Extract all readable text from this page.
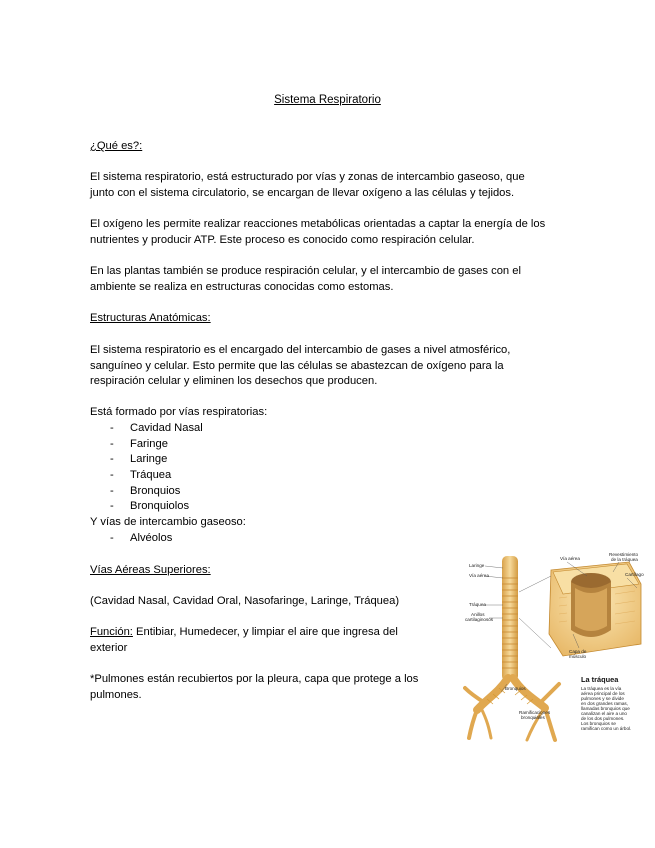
Sistema Respiratorio
¿Qué es?:
El sistema respiratorio, está estructurado por vías y zonas de intercambio gaseoso, que
junto con el sistema circulatorio, se encargan de llevar oxígeno a las células y tejidos.
El oxígeno les permite realizar reacciones metabólicas orientadas a captar la energía de los
nutrientes y producir ATP. Este proceso es conocido como respiración celular.
En las plantas también se produce respiración celular, y el intercambio de gases con el
ambiente se realiza en estructuras conocidas como estomas.
Estructuras Anatómicas:
El sistema respiratorio es el encargado del intercambio de gases a nivel atmosférico,
sanguíneo y celular. Esto permite que las células se abastezcan de oxígeno para la
respiración celular y eliminen los desechos que producen.
Está formado por vías respiratorias:
- Cavidad Nasal
- Faringe
- Laringe
- Tráquea
- Bronquios
- Bronquiolos
Y vías de intercambio gaseoso:
- Alvéolos
Vías Aéreas Superiores:
(Cavidad Nasal, Cavidad Oral, Nasofaringe, Laringe, Tráquea)
Función: Entibiar, Humedecer, y limpiar el aire que ingresa del
exterior
*Pulmones están recubiertos por la pleura, capa que protege a los
pulmones.
Laringe
Vía aérea
Tráquea
Anillos
cartilaginosos
Vía aérea
Revestimiento
de la tráquea
Cartílago
Capa de
músculo
Bronquios
Ramificaciones
bronquiales
La tráquea
La tráquea es la vía
aérea principal de los
pulmones y se divide
en dos grandes ramas,
llamadas bronquios que
canalizan el aire a uno
de los dos pulmones.
Los bronquios se
ramifican como un árbol.
